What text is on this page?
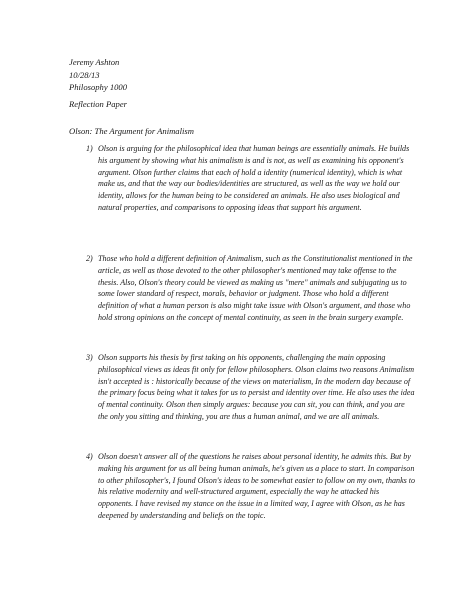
Jeremy Ashton
10/28/13
Philosophy 1000
Reflection Paper
Olson: The Argument for Animalism
1) Olson is arguing for the philosophical idea that human beings are essentially animals. He builds his argument by showing what his animalism is and is not, as well as examining his opponent's argument. Olson further claims that each of hold a identity (numerical identity), which is what make us, and that the way our bodies/identities are structured, as well as the way we hold our identity, allows for the human being to be considered an animals. He also uses biological and natural properties, and comparisons to opposing ideas that support his argument.
2) Those who hold a different definition of Animalism, such as the Constitutionalist mentioned in the article, as well as those devoted to the other philosopher's mentioned may take offense to the thesis. Also, Olson's theory could be viewed as making us "mere" animals and subjugating us to some lower standard of respect, morals, behavior or judgment. Those who hold a different definition of what a human person is also might take issue with Olson's argument, and those who hold strong opinions on the concept of mental continuity, as seen in the brain surgery example.
3) Olson supports his thesis by first taking on his opponents, challenging the main opposing philosophical views as ideas fit only for fellow philosophers. Olson claims two reasons Animalism isn't accepted is : historically because of the views on materialism, In the modern day because of the primary focus being what it takes for us to persist and identity over time. He also uses the idea of mental continuity. Olson then simply argues: because you can sit, you can think, and you are the only you sitting and thinking, you are thus a human animal, and we are all animals.
4) Olson doesn't answer all of the questions he raises about personal identity, he admits this. But by making his argument for us all being human animals, he's given us a place to start. In comparison to other philosopher's, I found Olson's ideas to be somewhat easier to follow on my own, thanks to his relative modernity and well-structured argument, especially the way he attacked his opponents. I have revised my stance on the issue in a limited way, I agree with Olson, as he has deepened by understanding and beliefs on the topic.
